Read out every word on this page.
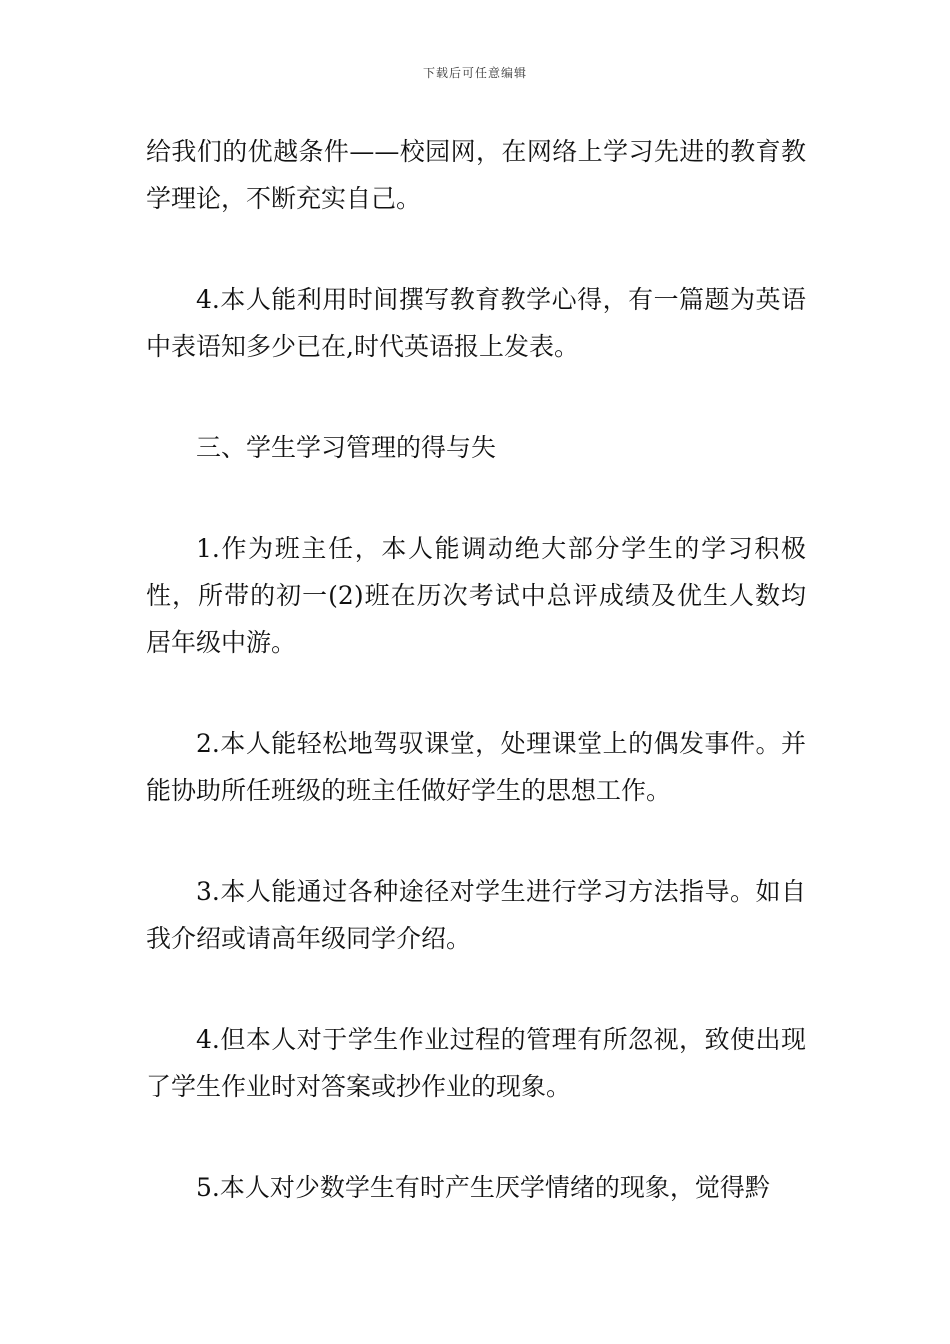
下载后可任意编辑

给我们的优越条件——校园网，在网络上学习先进的教育教学理论，不断充实自己。

4.本人能利用时间撰写教育教学心得，有一篇题为英语中表语知多少已在,时代英语报上发表。

三、学生学习管理的得与失

1.作为班主任，本人能调动绝大部分学生的学习积极性，所带的初一(2)班在历次考试中总评成绩及优生人数均居年级中游。

2.本人能轻松地驾驭课堂，处理课堂上的偶发事件。并能协助所任班级的班主任做好学生的思想工作。

3.本人能通过各种途径对学生进行学习方法指导。如自我介绍或请高年级同学介绍。

4.但本人对于学生作业过程的管理有所忽视，致使出现了学生作业时对答案或抄作业的现象。

5.本人对少数学生有时产生厌学情绪的现象，觉得黔
